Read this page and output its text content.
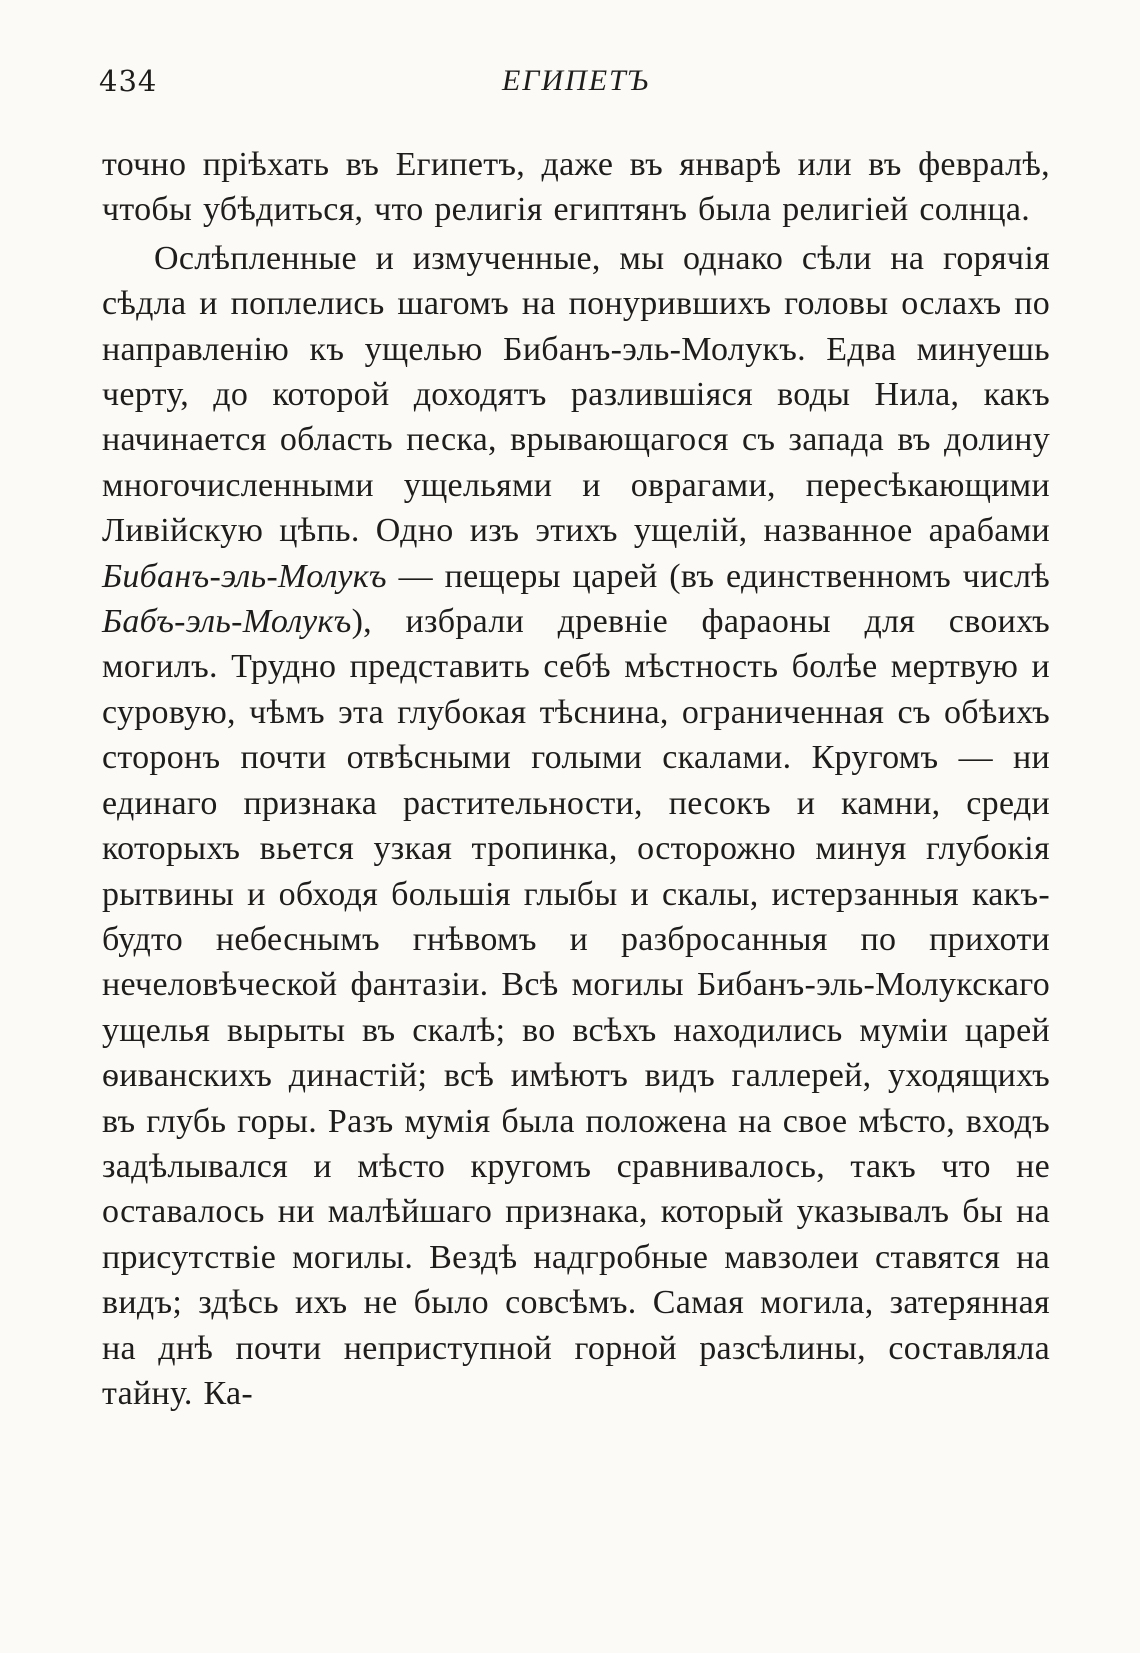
434	ЕГИПЕТЪ

точно пріѣхать въ Египетъ, даже въ январѣ или въ февралѣ, чтобы убѣдиться, что религія египтянъ была религіей солнца.

Ослѣпленные и измученные, мы однако сѣли на горячія сѣдла и поплелись шагомъ на понурившихъ головы ослахъ по направленію къ ущелью Бибанъ-эль-Молукъ. Едва минуешь черту, до которой доходятъ разлившіяся воды Нила, какъ начинается область песка, врывающагося съ запада въ долину многочисленными ущельями и оврагами, пересѣкающими Ливійскую цѣпь. Одно изъ этихъ ущелій, названное арабами Бибанъ-эль-Молукъ — пещеры царей (въ единственномъ числѣ Бабъ-эль-Молукъ), избрали древніе фараоны для своихъ могилъ. Трудно представить себѣ мѣстность болѣе мертвую и суровую, чѣмъ эта глубокая тѣснина, ограниченная съ обѣихъ сторонъ почти отвѣсными голыми скалами. Кругомъ — ни единаго признака растительности, песокъ и камни, среди которыхъ вьется узкая тропинка, осторожно минуя глубокія рытвины и обходя большія глыбы и скалы, истерзанныя какъ-будто небеснымъ гнѣвомъ и разбросанныя по прихоти нечеловѣческой фантазіи. Всѣ могилы Бибанъ-эль-Молукскаго ущелья вырыты въ скалѣ; во всѣхъ находились муміи царей ѳиванскихъ династій; всѣ имѣютъ видъ галлерей, уходящихъ въ глубь горы. Разъ мумія была положена на свое мѣсто, входъ задѣлывался и мѣсто кругомъ сравнивалось, такъ что не оставалось ни малѣйшаго признака, который указывалъ бы на присутствіе могилы. Вездѣ надгробные мавзолеи ставятся на видъ; здѣсь ихъ не было совсѣмъ. Самая могила, затерянная на днѣ почти неприступной горной разсѣлины, составляла тайну. Ка-
